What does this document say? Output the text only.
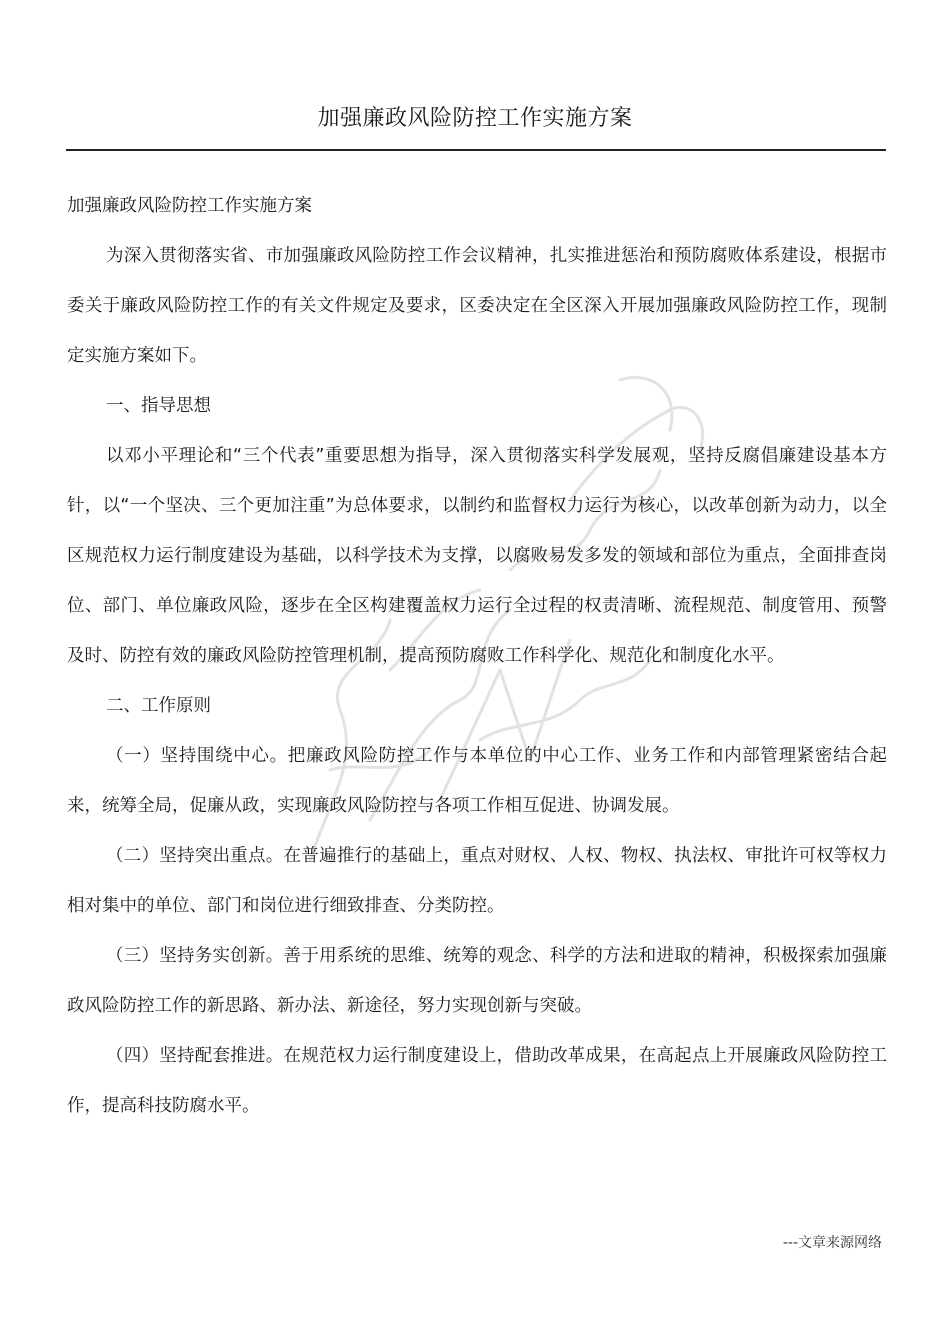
加强廉政风险防控工作实施方案

加强廉政风险防控工作实施方案

为深入贯彻落实省、市加强廉政风险防控工作会议精神，扎实推进惩治和预防腐败体系建设，根据市委关于廉政风险防控工作的有关文件规定及要求，区委决定在全区深入开展加强廉政风险防控工作，现制定实施方案如下。

一、指导思想

以邓小平理论和“三个代表”重要思想为指导，深入贯彻落实科学发展观，坚持反腐倡廉建设基本方针，以“一个坚决、三个更加注重”为总体要求，以制约和监督权力运行为核心，以改革创新为动力，以全区规范权力运行制度建设为基础，以科学技术为支撑，以腐败易发多发的领域和部位为重点，全面排查岗位、部门、单位廉政风险，逐步在全区构建覆盖权力运行全过程的权责清晰、流程规范、制度管用、预警及时、防控有效的廉政风险防控管理机制，提高预防腐败工作科学化、规范化和制度化水平。

二、工作原则

（一）坚持围绕中心。把廉政风险防控工作与本单位的中心工作、业务工作和内部管理紧密结合起来，统筹全局，促廉从政，实现廉政风险防控与各项工作相互促进、协调发展。

（二）坚持突出重点。在普遍推行的基础上，重点对财权、人权、物权、执法权、审批许可权等权力相对集中的单位、部门和岗位进行细致排查、分类防控。

（三）坚持务实创新。善于用系统的思维、统筹的观念、科学的方法和进取的精神，积极探索加强廉政风险防控工作的新思路、新办法、新途径，努力实现创新与突破。

（四）坚持配套推进。在规范权力运行制度建设上，借助改革成果，在高起点上开展廉政风险防控工作，提高科技防腐水平。

---文章来源网络
